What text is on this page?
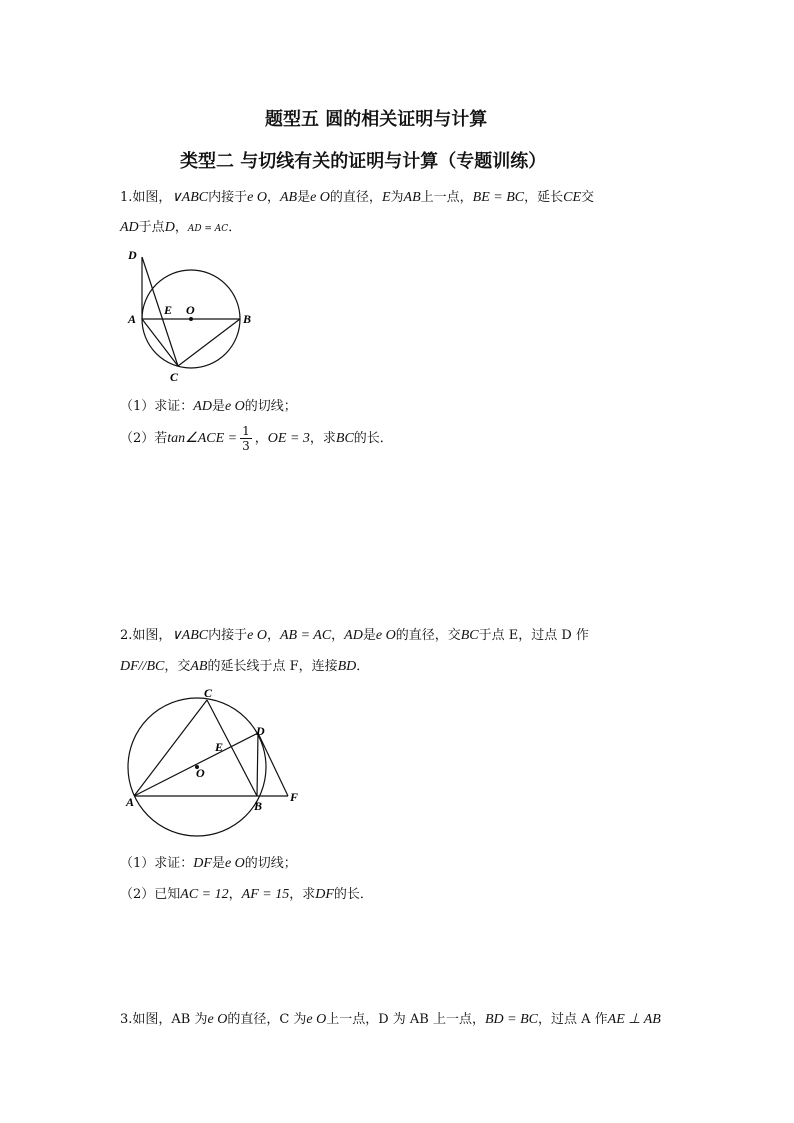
题型五 圆的相关证明与计算
类型二 与切线有关的证明与计算（专题训练）
1.如图，∨ABC内接于e O，AB是e O的直径，E为AB上一点，BE = BC，延长CE交
AD于点D，AD = AC．
D
A
E O
B
C
（1）求证：AD是e O的切线；
（2）若tan∠ACE = $\frac{1}{3}$ ，OE = 3，求BC的长．
2.如图，∨ABC内接于e O，AB = AC，AD是e O的直径，交BC于点 E，过点 D 作
DF//BC，交AB的延长线于点 F，连接BD．
C
D
E
O
A	B
F
（1）求证：DF是e O的切线；
（2）已知AC = 12，AF = 15，求DF的长．
3.如图，AB 为e O的直径，C 为e O上一点，D 为 AB 上一点，BD = BC，过点 A 作AE ⊥ AB
